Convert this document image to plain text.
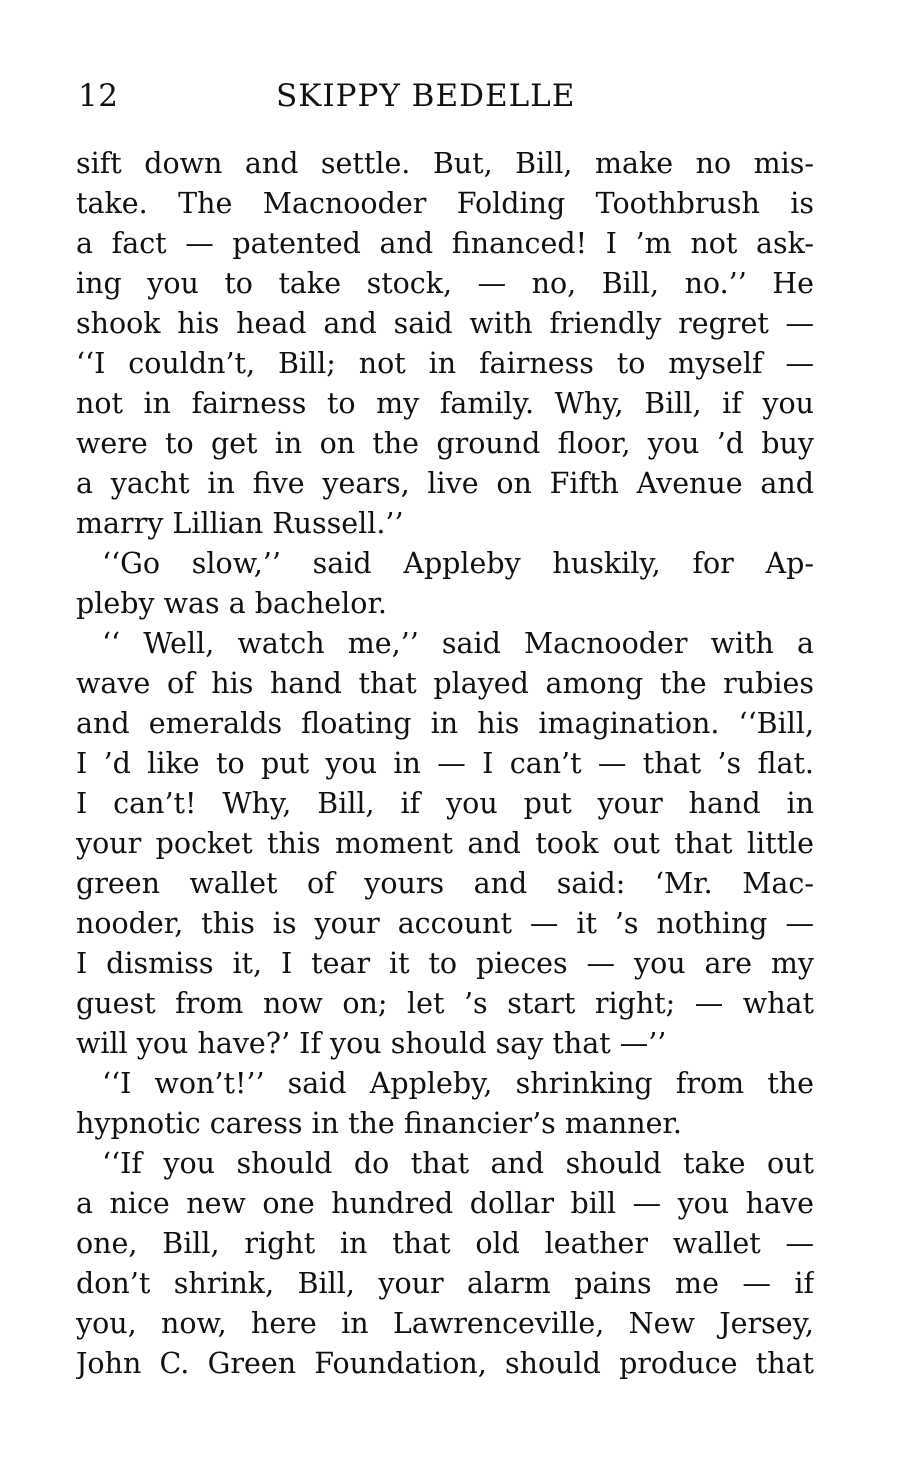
12	SKIPPY BEDELLE
sift down and settle. But, Bill, make no mis-
take. The Macnooder Folding Toothbrush is
a fact — patented and financed! I ’m not ask-
ing you to take stock, — no, Bill, no.’’ He
shook his head and said with friendly regret —
‘‘I couldn’t, Bill; not in fairness to myself —
not in fairness to my family. Why, Bill, if you
were to get in on the ground floor, you ’d buy
a yacht in five years, live on Fifth Avenue and
marry Lillian Russell.’’
‘‘Go slow,’’ said Appleby huskily, for Ap-
pleby was a bachelor.
‘‘ Well, watch me,’’ said Macnooder with a
wave of his hand that played among the rubies
and emeralds floating in his imagination. ‘‘Bill,
I ’d like to put you in — I can’t — that ’s flat.
I can’t! Why, Bill, if you put your hand in
your pocket this moment and took out that little
green wallet of yours and said: ‘Mr. Mac-
nooder, this is your account — it ’s nothing —
I dismiss it, I tear it to pieces — you are my
guest from now on; let ’s start right; — what
will you have?’ If you should say that —’’
‘‘I won’t!’’ said Appleby, shrinking from the
hypnotic caress in the financier’s manner.
‘‘If you should do that and should take out
a nice new one hundred dollar bill — you have
one, Bill, right in that old leather wallet —
don’t shrink, Bill, your alarm pains me — if
you, now, here in Lawrenceville, New Jersey,
John C. Green Foundation, should produce that
